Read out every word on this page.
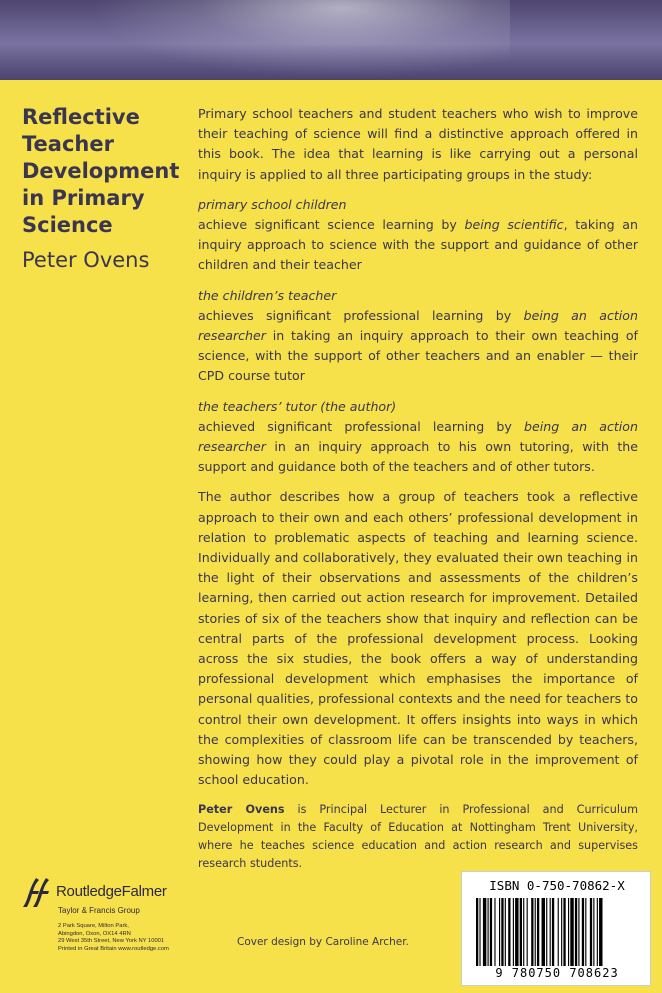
Reflective
Teacher
Development
in Primary
Science
Peter Ovens

Primary school teachers and student teachers who wish to improve their teaching of science will find a distinctive approach offered in this book. The idea that learning is like carrying out a personal inquiry is applied to all three participating groups in the study:

primary school children
achieve significant science learning by being scientific, taking an inquiry approach to science with the support and guidance of other children and their teacher
the children’s teacher
achieves significant professional learning by being an action researcher in taking an inquiry approach to their own teaching of science, with the support of other teachers and an enabler — their CPD course tutor
the teachers’ tutor (the author)
achieved significant professional learning by being an action researcher in an inquiry approach to his own tutoring, with the support and guidance both of the teachers and of other tutors.

The author describes how a group of teachers took a reflective approach to their own and each others’ professional development in relation to problematic aspects of teaching and learning science. Individually and collaboratively, they evaluated their own teaching in the light of their observations and assessments of the children’s learning, then carried out action research for improvement. Detailed stories of six of the teachers show that inquiry and reflection can be central parts of the professional development process. Looking across the six studies, the book offers a way of understanding professional development which emphasises the importance of personal qualities, professional contexts and the need for teachers to control their own development. It offers insights into ways in which the complexities of classroom life can be transcended by teachers, showing how they could play a pivotal role in the improvement of school education.

Peter Ovens is Principal Lecturer in Professional and Curriculum Development in the Faculty of Education at Nottingham Trent University, where he teaches science education and action research and supervises research students.

RoutledgeFalmer
Taylor & Francis Group
2 Park Square, Milton Park,
Abingdon, Oxon, OX14 4RN
29 West 35th Street, New York NY 10001
Printed in Great Britain www.routledge.com
Cover design by Caroline Archer.
ISBN 0-750-70862-X
9 780750 708623
